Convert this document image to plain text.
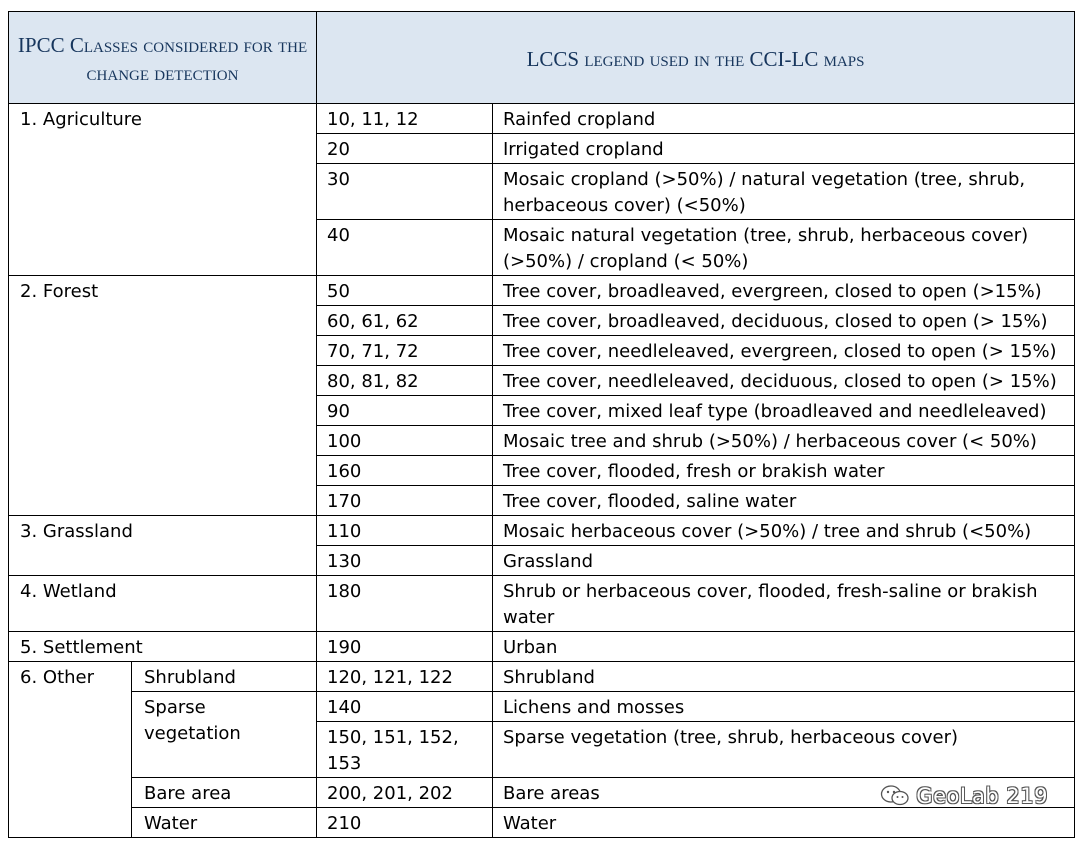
IPCC Classes considered for the change detection		LCCS legend used in the CCI-LC maps	
1. Agriculture		10, 11, 12	Rainfed cropland
		20	Irrigated cropland
		30	Mosaic cropland (>50%) / natural vegetation (tree, shrub, herbaceous cover) (<50%)
		40	Mosaic natural vegetation (tree, shrub, herbaceous cover) (>50%) / cropland (< 50%)
2. Forest		50	Tree cover, broadleaved, evergreen, closed to open (>15%)
		60, 61, 62	Tree cover, broadleaved, deciduous, closed to open (> 15%)
		70, 71, 72	Tree cover, needleleaved, evergreen, closed to open (> 15%)
		80, 81, 82	Tree cover, needleleaved, deciduous, closed to open (> 15%)
		90	Tree cover, mixed leaf type (broadleaved and needleleaved)
		100	Mosaic tree and shrub (>50%) / herbaceous cover (< 50%)
		160	Tree cover, flooded, fresh or brakish water
		170	Tree cover, flooded, saline water
3. Grassland		110	Mosaic herbaceous cover (>50%) / tree and shrub (<50%)
		130	Grassland
4. Wetland		180	Shrub or herbaceous cover, flooded, fresh-saline or brakish water
5. Settlement		190	Urban
6. Other	Shrubland	120, 121, 122	Shrubland
	Sparse vegetation	140	Lichens and mosses
		150, 151, 152, 153	Sparse vegetation (tree, shrub, herbaceous cover)
	Bare area	200, 201, 202	Bare areas
	Water	210	Water
GeoLab 219
